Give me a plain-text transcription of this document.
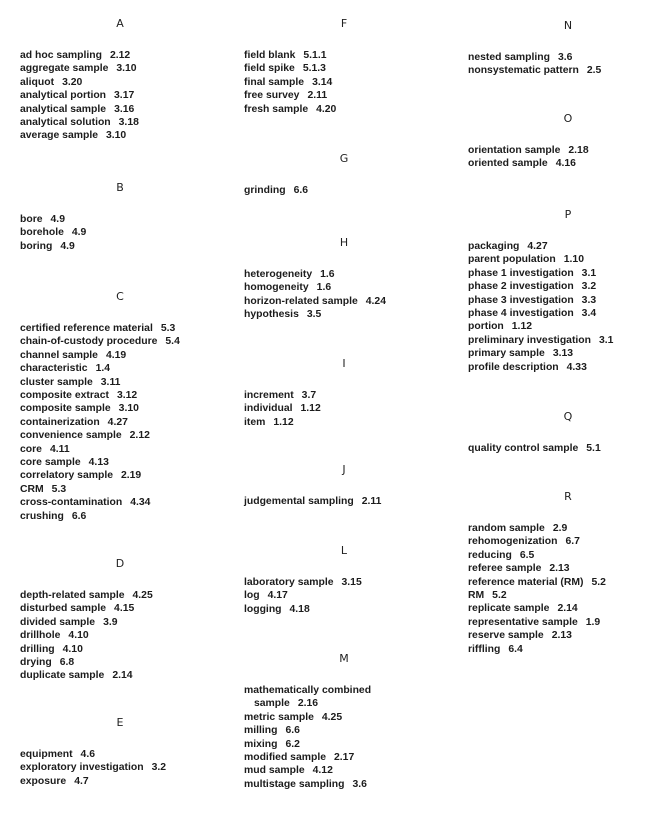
A
ad hoc sampling 2.12
aggregate sample 3.10
aliquot 3.20
analytical portion 3.17
analytical sample 3.16
analytical solution 3.18
average sample 3.10
B
bore 4.9
borehole 4.9
boring 4.9
C
certified reference material 5.3
chain-of-custody procedure 5.4
channel sample 4.19
characteristic 1.4
cluster sample 3.11
composite extract 3.12
composite sample 3.10
containerization 4.27
convenience sample 2.12
core 4.11
core sample 4.13
correlatory sample 2.19
CRM 5.3
cross-contamination 4.34
crushing 6.6
D
depth-related sample 4.25
disturbed sample 4.15
divided sample 3.9
drillhole 4.10
drilling 4.10
drying 6.8
duplicate sample 2.14
E
equipment 4.6
exploratory investigation 3.2
exposure 4.7
F
field blank 5.1.1
field spike 5.1.3
final sample 3.14
free survey 2.11
fresh sample 4.20
G
grinding 6.6
H
heterogeneity 1.6
homogeneity 1.6
horizon-related sample 4.24
hypothesis 3.5
I
increment 3.7
individual 1.12
item 1.12
J
judgemental sampling 2.11
L
laboratory sample 3.15
log 4.17
logging 4.18
M
mathematically combined
sample 2.16
metric sample 4.25
milling 6.6
mixing 6.2
modified sample 2.17
mud sample 4.12
multistage sampling 3.6
N
nested sampling 3.6
nonsystematic pattern 2.5
O
orientation sample 2.18
oriented sample 4.16
P
packaging 4.27
parent population 1.10
phase 1 investigation 3.1
phase 2 investigation 3.2
phase 3 investigation 3.3
phase 4 investigation 3.4
portion 1.12
preliminary investigation 3.1
primary sample 3.13
profile description 4.33
Q
quality control sample 5.1
R
random sample 2.9
rehomogenization 6.7
reducing 6.5
referee sample 2.13
reference material (RM) 5.2
RM 5.2
replicate sample 2.14
representative sample 1.9
reserve sample 2.13
riffling 6.4
